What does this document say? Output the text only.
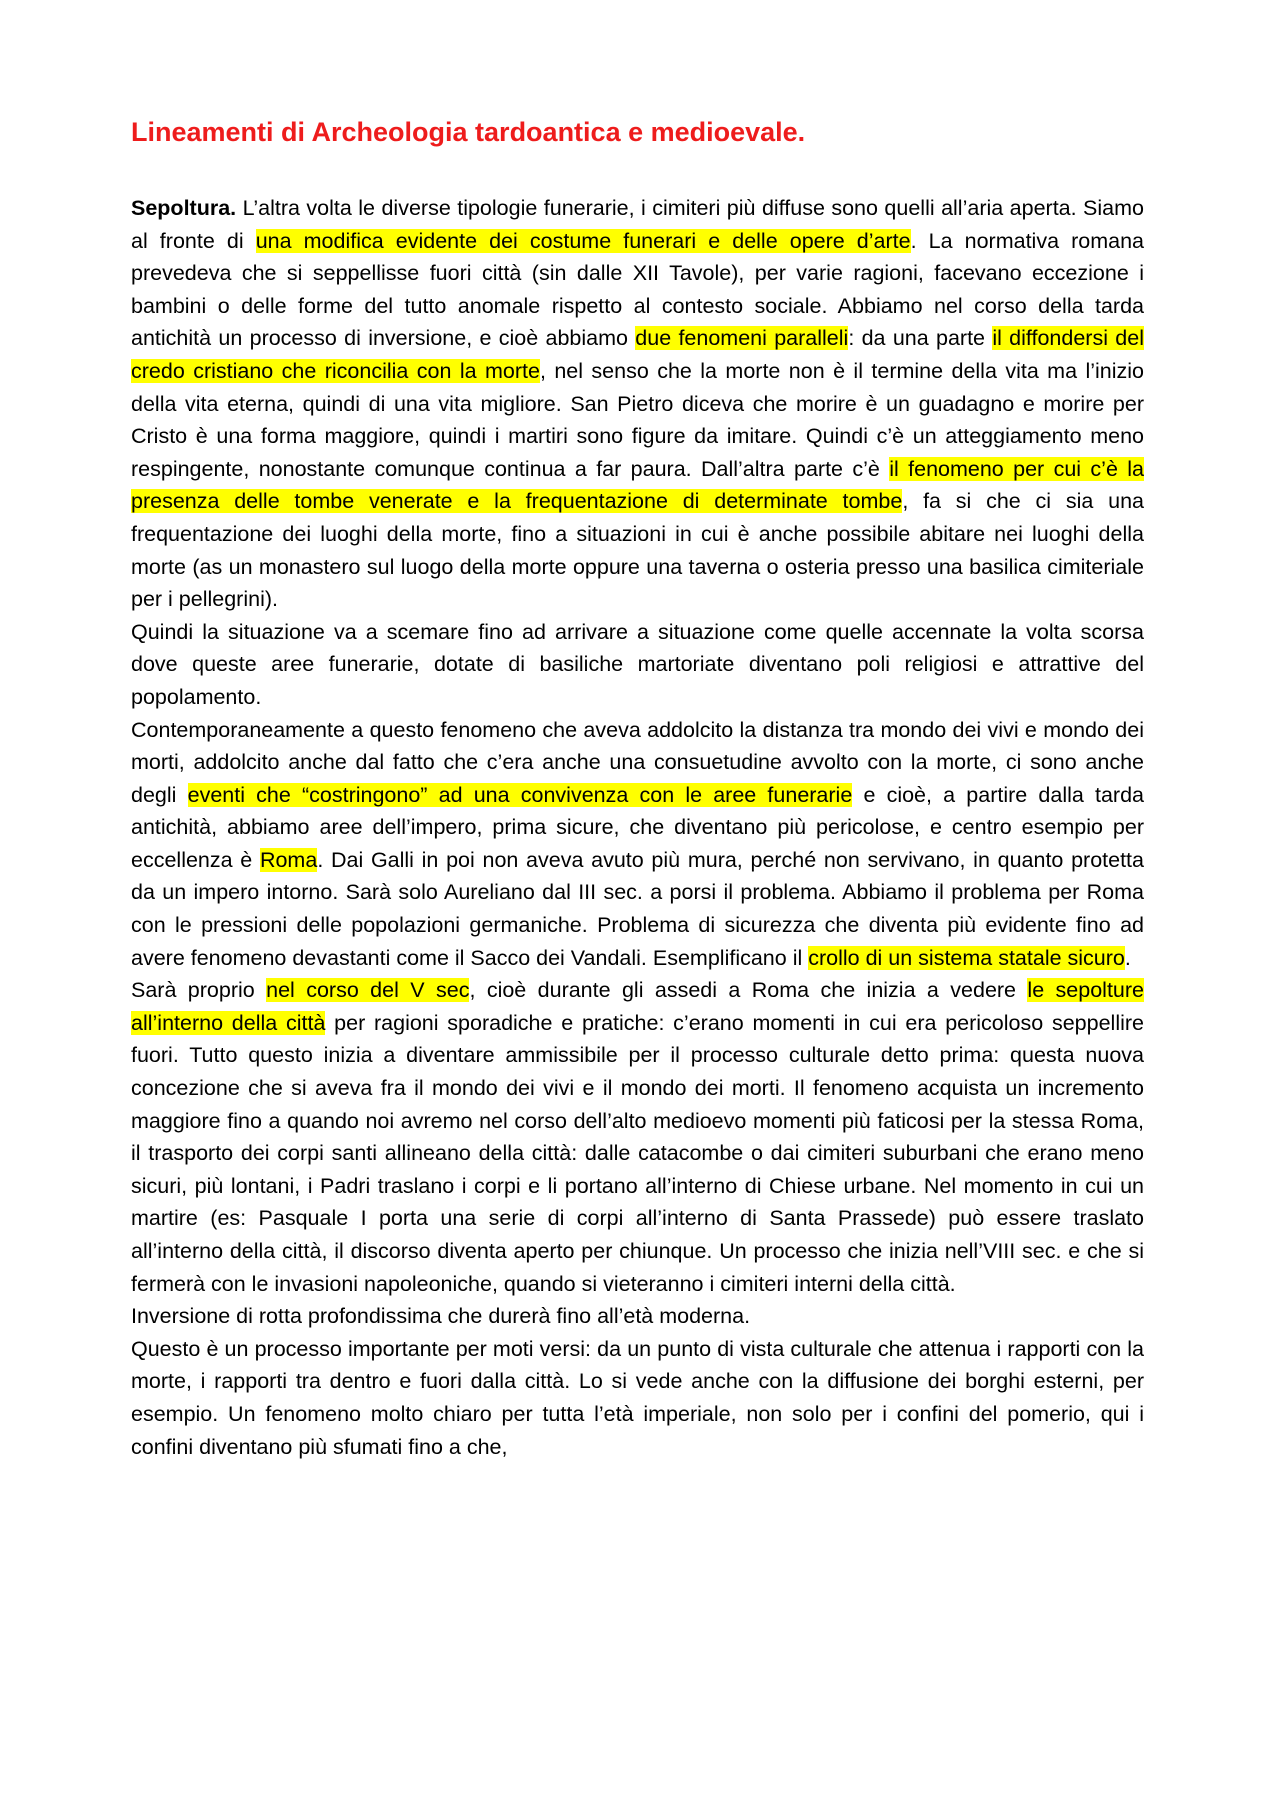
Lineamenti di Archeologia tardoantica e medioevale.

Sepoltura. L’altra volta le diverse tipologie funerarie, i cimiteri più diffuse sono quelli all’aria aperta. Siamo al fronte di una modifica evidente dei costume funerari e delle opere d’arte. La normativa romana prevedeva che si seppellisse fuori città (sin dalle XII Tavole), per varie ragioni, facevano eccezione i bambini o delle forme del tutto anomale rispetto al contesto sociale. Abbiamo nel corso della tarda antichità un processo di inversione, e cioè abbiamo due fenomeni paralleli: da una parte il diffondersi del credo cristiano che riconcilia con la morte, nel senso che la morte non è il termine della vita ma l’inizio della vita eterna, quindi di una vita migliore. San Pietro diceva che morire è un guadagno e morire per Cristo è una forma maggiore, quindi i martiri sono figure da imitare. Quindi c’è un atteggiamento meno respingente, nonostante comunque continua a far paura. Dall’altra parte c’è il fenomeno per cui c’è la presenza delle tombe venerate e la frequentazione di determinate tombe, fa si che ci sia una frequentazione dei luoghi della morte, fino a situazioni in cui è anche possibile abitare nei luoghi della morte (as un monastero sul luogo della morte oppure una taverna o osteria presso una basilica cimiteriale per i pellegrini).

Quindi la situazione va a scemare fino ad arrivare a situazione come quelle accennate la volta scorsa dove queste aree funerarie, dotate di basiliche martoriate diventano poli religiosi e attrattive del popolamento.

Contemporaneamente a questo fenomeno che aveva addolcito la distanza tra mondo dei vivi e mondo dei morti, addolcito anche dal fatto che c’era anche una consuetudine avvolto con la morte, ci sono anche degli eventi che “costringono” ad una convivenza con le aree funerarie e cioè, a partire dalla tarda antichità, abbiamo aree dell’impero, prima sicure, che diventano più pericolose, e centro esempio per eccellenza è Roma. Dai Galli in poi non aveva avuto più mura, perché non servivano, in quanto protetta da un impero intorno. Sarà solo Aureliano dal III sec. a porsi il problema. Abbiamo il problema per Roma con le pressioni delle popolazioni germaniche. Problema di sicurezza che diventa più evidente fino ad avere fenomeno devastanti come il Sacco dei Vandali. Esemplificano il crollo di un sistema statale sicuro.

Sarà proprio nel corso del V sec, cioè durante gli assedi a Roma che inizia a vedere le sepolture all’interno della città per ragioni sporadiche e pratiche: c’erano momenti in cui era pericoloso seppellire fuori. Tutto questo inizia a diventare ammissibile per il processo culturale detto prima: questa nuova concezione che si aveva fra il mondo dei vivi e il mondo dei morti. Il fenomeno acquista un incremento maggiore fino a quando noi avremo nel corso dell’alto medioevo momenti più faticosi per la stessa Roma, il trasporto dei corpi santi allineano della città: dalle catacombe o dai cimiteri suburbani che erano meno sicuri, più lontani, i Padri traslano i corpi e li portano all’interno di Chiese urbane. Nel momento in cui un martire (es: Pasquale I porta una serie di corpi all’interno di Santa Prassede) può essere traslato all’interno della città, il discorso diventa aperto per chiunque. Un processo che inizia nell’VIII sec. e che si fermerà con le invasioni napoleoniche, quando si vieteranno i cimiteri interni della città.

Inversione di rotta profondissima che durerà fino all’età moderna.

Questo è un processo importante per moti versi: da un punto di vista culturale che attenua i rapporti con la morte, i rapporti tra dentro e fuori dalla città. Lo si vede anche con la diffusione dei borghi esterni, per esempio. Un fenomeno molto chiaro per tutta l’età imperiale, non solo per i confini del pomerio, qui i confini diventano più sfumati fino a che,
